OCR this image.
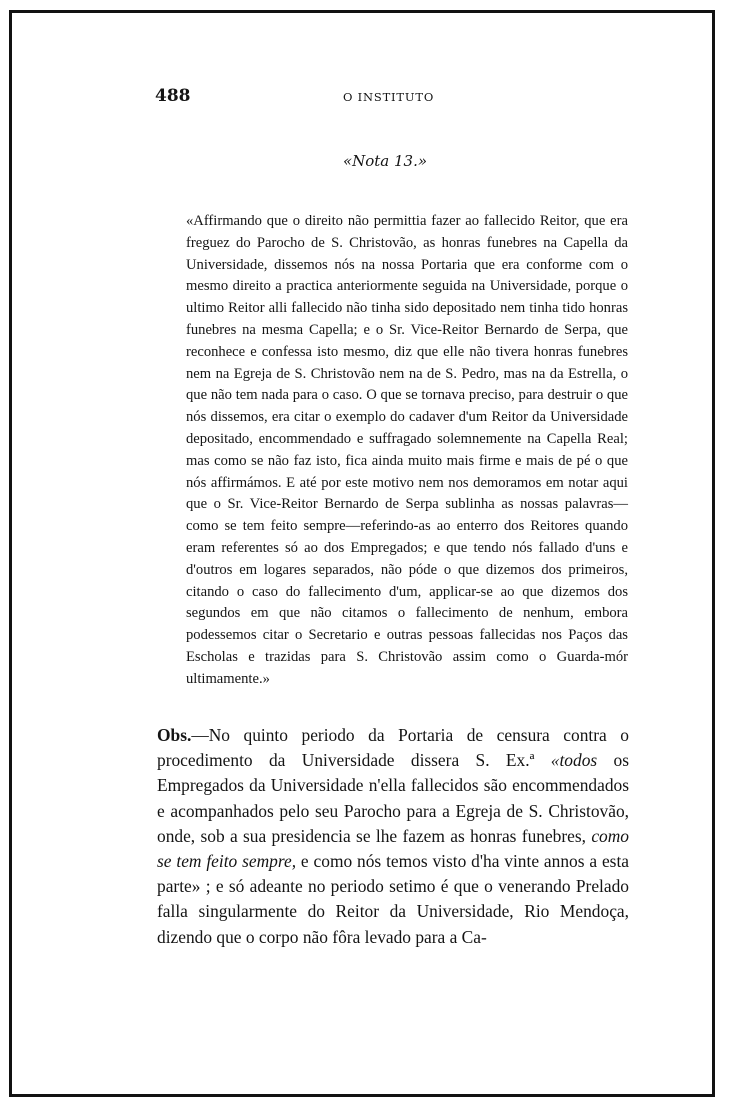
488	O INSTITUTO
«Nota 13.»

«Affirmando que o direito não permittia fazer ao fallecido Reitor, que era freguez do Parocho de S. Christovão, as honras funebres na Capella da Universidade, dissemos nós na nossa Portaria que era conforme com o mesmo direito a practica anteriormente seguida na Universidade, porque o ultimo Reitor alli fallecido não tinha sido depositado nem tinha tido honras funebres na mesma Capella; e o Sr. Vice-Reitor Bernardo de Serpa, que reconhece e confessa isto mesmo, diz que elle não tivera honras funebres nem na Egreja de S. Christovão nem na de S. Pedro, mas na da Estrella, o que não tem nada para o caso. O que se tornava preciso, para destruir o que nós dissemos, era citar o exemplo do cadaver d'um Reitor da Universidade depositado, encommendado e suffragado solemnemente na Capella Real; mas como se não faz isto, fica ainda muito mais firme e mais de pé o que nós affirmámos. E até por este motivo nem nos demoramos em notar aqui que o Sr. Vice-Reitor Bernardo de Serpa sublinha as nossas palavras—como se tem feito sempre—referindo-as ao enterro dos Reitores quando eram referentes só ao dos Empregados; e que tendo nós fallado d'uns e d'outros em logares separados, não póde o que dizemos dos primeiros, citando o caso do fallecimento d'um, applicar-se ao que dizemos dos segundos em que não citamos o fallecimento de nenhum, embora podessemos citar o Secretario e outras pessoas fallecidas nos Paços das Escholas e trazidas para S. Christovão assim como o Guarda-mór ultimamente.»

Obs.—No quinto periodo da Portaria de censura contra o procedimento da Universidade dissera S. Ex.ª «todos os Empregados da Universidade n'ella fallecidos são encommendados e acompanhados pelo seu Parocho para a Egreja de S. Christovão, onde, sob a sua presidencia se lhe fazem as honras funebres, como se tem feito sempre, e como nós temos visto d'ha vinte annos a esta parte» ; e só adeante no periodo setimo é que o venerando Prelado falla singularmente do Reitor da Universidade, Rio Mendoça, dizendo que o corpo não fôra levado para a Ca-
